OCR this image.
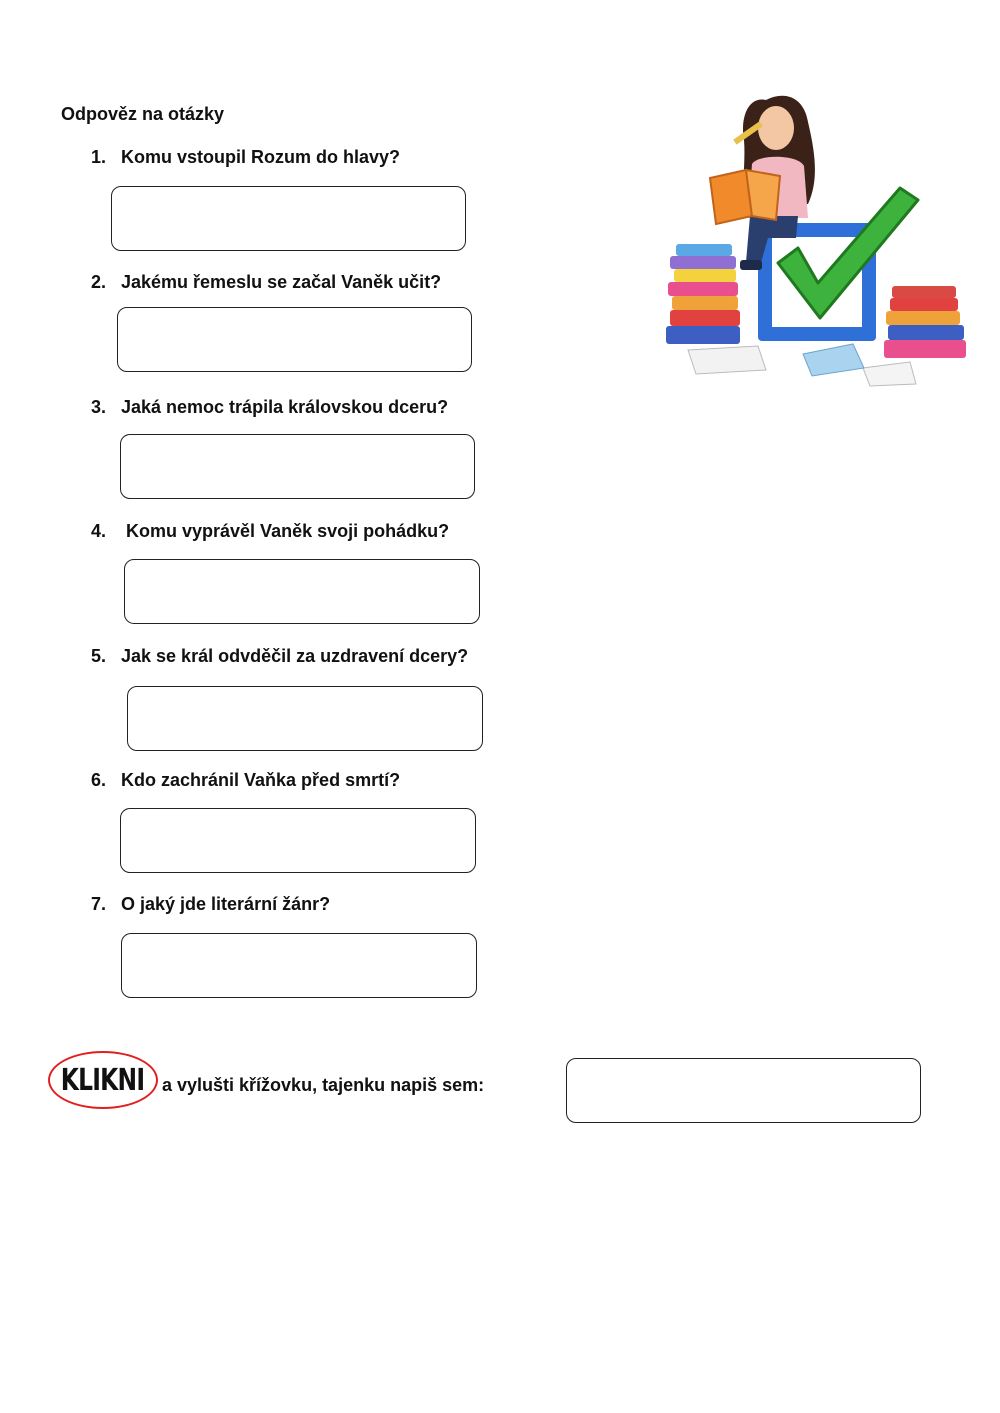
Odpověz na otázky
1. Komu vstoupil Rozum do hlavy?
2. Jakému řemeslu se začal Vaněk učit?
3. Jaká nemoc trápila královskou dceru?
4. Komu vyprávěl Vaněk svoji pohádku?
5. Jak se král odvděčil za uzdravení dcery?
6. Kdo zachránil Vaňka před smrtí?
7. O jaký jde literární žánr?
KLIKNI a vylušti křížovku, tajenku napiš sem:
